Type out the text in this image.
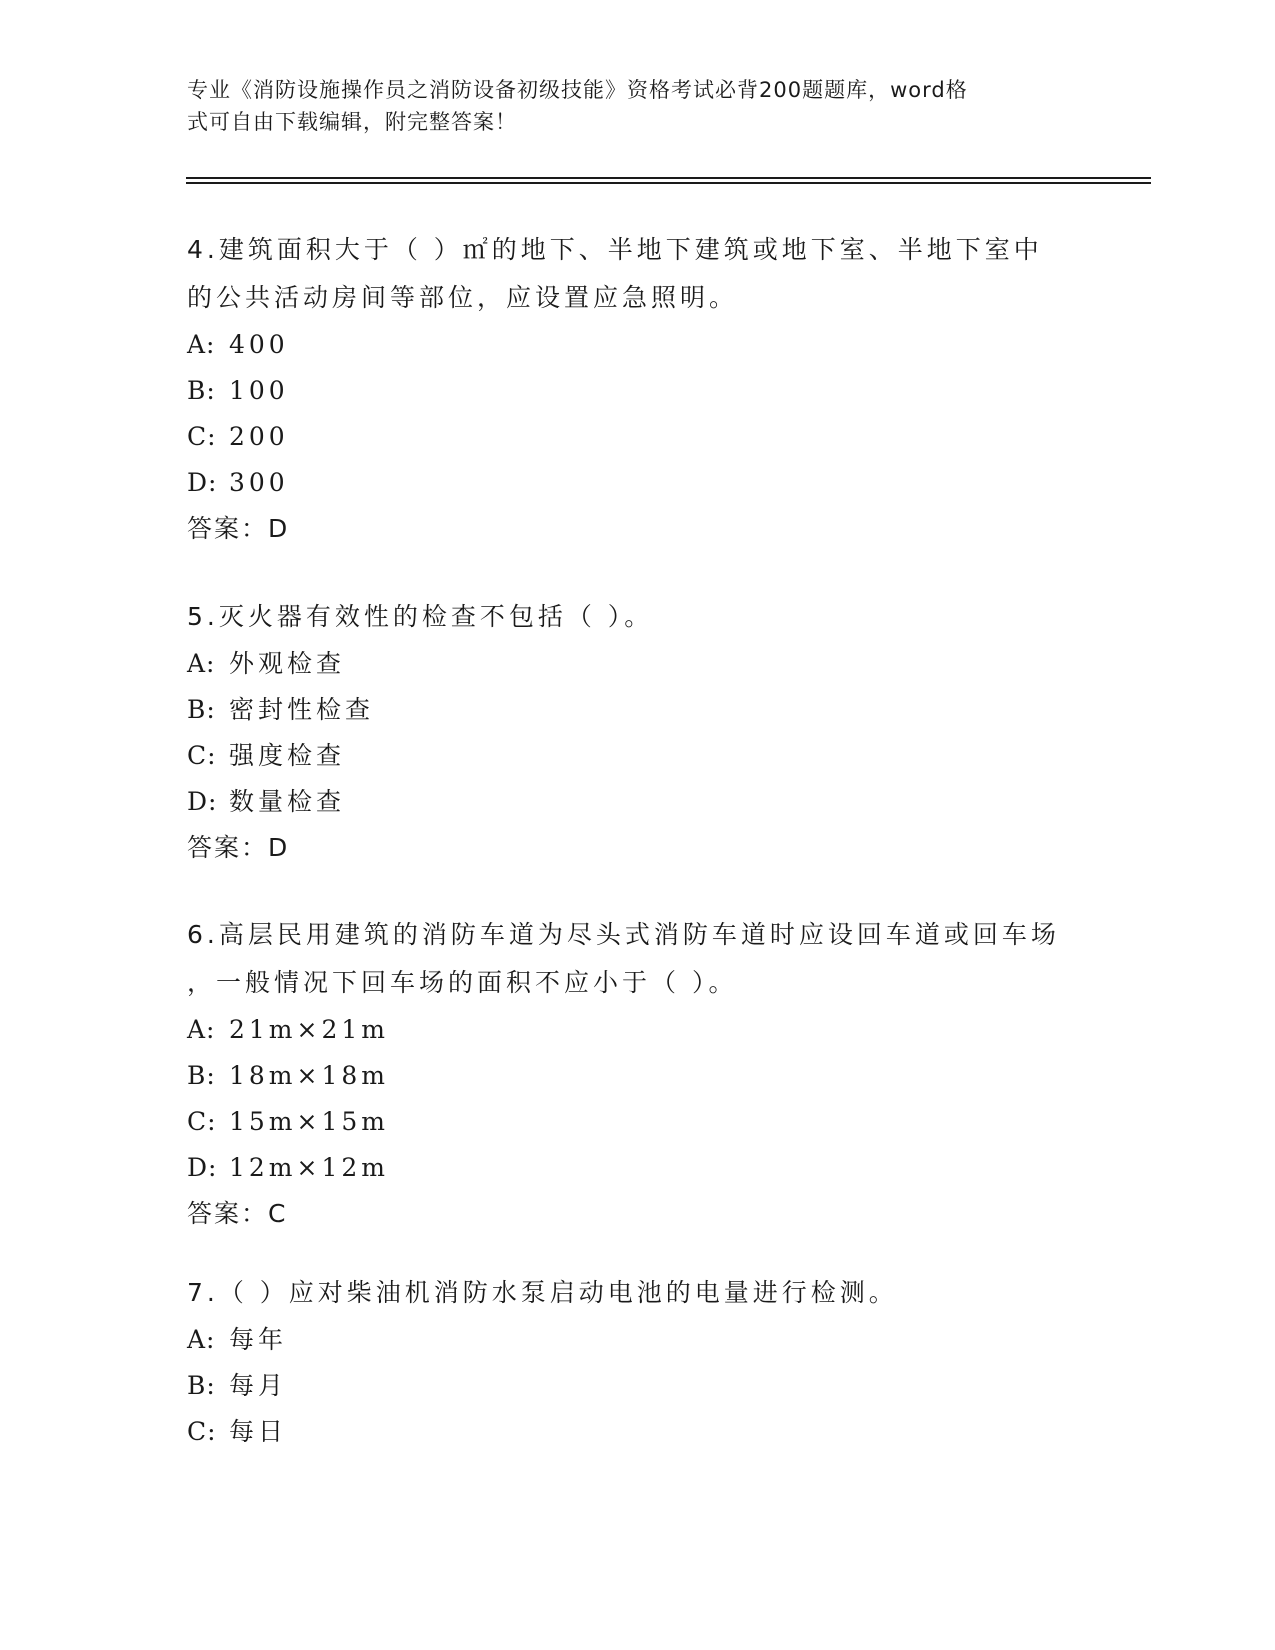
专业《消防设施操作员之消防设备初级技能》资格考试必背200题题库，word格
式可自由下载编辑，附完整答案！

4.建筑面积大于（ ）㎡的地下、半地下建筑或地下室、半地下室中

的公共活动房间等部位，应设置应急照明。

A: 400

B: 100

C: 200

D: 300

答案：D

5.灭火器有效性的检查不包括（ ）。

A: 外观检查

B: 密封性检查

C: 强度检查

D: 数量检查

答案：D

6.高层民用建筑的消防车道为尽头式消防车道时应设回车道或回车场

，一般情况下回车场的面积不应小于（ ）。

A: 21m×21m

B: 18m×18m

C: 15m×15m

D: 12m×12m

答案：C

7.（ ）应对柴油机消防水泵启动电池的电量进行检测。

A: 每年

B: 每月

C: 每日
